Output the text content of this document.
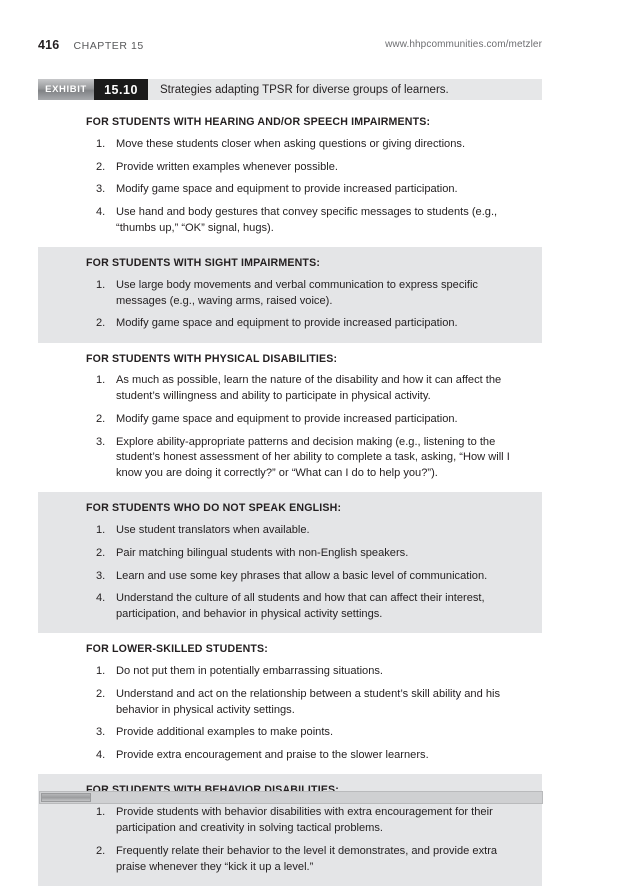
416 CHAPTER 15	www.hhpcommunities.com/metzler
EXHIBIT 15.10	Strategies adapting TPSR for diverse groups of learners.
FOR STUDENTS WITH HEARING AND/OR SPEECH IMPAIRMENTS:
1. Move these students closer when asking questions or giving directions.
2. Provide written examples whenever possible.
3. Modify game space and equipment to provide increased participation.
4. Use hand and body gestures that convey specific messages to students (e.g., “thumbs up,” “OK” signal, hugs).
FOR STUDENTS WITH SIGHT IMPAIRMENTS:
1. Use large body movements and verbal communication to express specific messages (e.g., waving arms, raised voice).
2. Modify game space and equipment to provide increased participation.
FOR STUDENTS WITH PHYSICAL DISABILITIES:
1. As much as possible, learn the nature of the disability and how it can affect the student’s willingness and ability to participate in physical activity.
2. Modify game space and equipment to provide increased participation.
3. Explore ability-appropriate patterns and decision making (e.g., listening to the student’s honest assessment of her ability to complete a task, asking, “How will I know you are doing it correctly?” or “What can I do to help you?”).
FOR STUDENTS WHO DO NOT SPEAK ENGLISH:
1. Use student translators when available.
2. Pair matching bilingual students with non-English speakers.
3. Learn and use some key phrases that allow a basic level of communication.
4. Understand the culture of all students and how that can affect their interest, participation, and behavior in physical activity settings.
FOR LOWER-SKILLED STUDENTS:
1. Do not put them in potentially embarrassing situations.
2. Understand and act on the relationship between a student’s skill ability and his behavior in physical activity settings.
3. Provide additional examples to make points.
4. Provide extra encouragement and praise to the slower learners.
1. Provide students with behavior disabilities with extra encouragement for their participation and creativity in solving tactical problems.
2. Frequently relate their behavior to the level it demonstrates, and provide extra praise whenever they “kick it up a level.”
